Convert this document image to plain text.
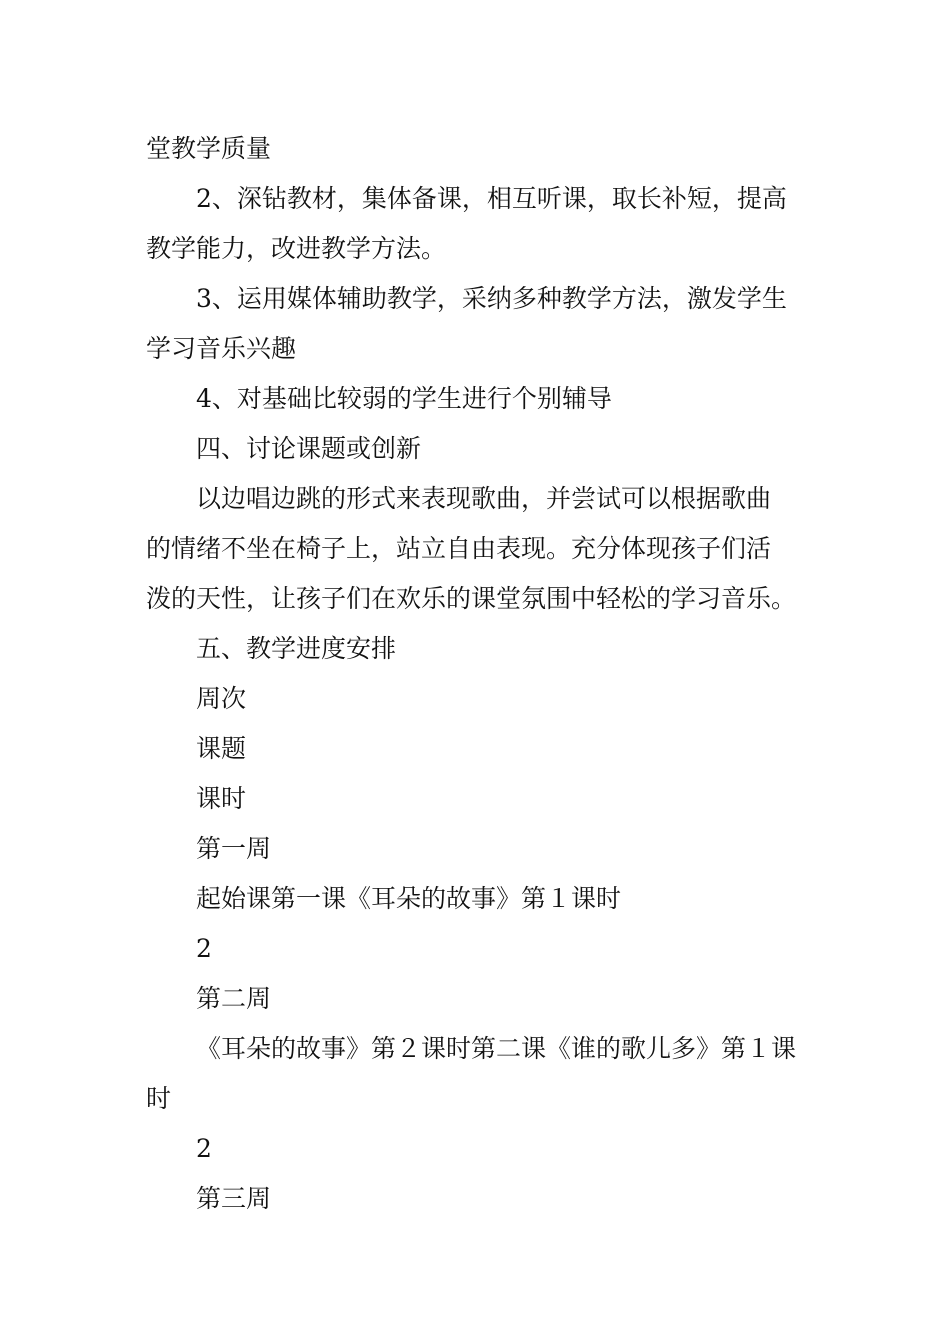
堂教学质量

2、深钻教材，集体备课，相互听课，取长补短，提高

教学能力，改进教学方法。

3、运用媒体辅助教学，采纳多种教学方法，激发学生

学习音乐兴趣

4、对基础比较弱的学生进行个别辅导

四、讨论课题或创新

以边唱边跳的形式来表现歌曲，并尝试可以根据歌曲

的情绪不坐在椅子上，站立自由表现。充分体现孩子们活

泼的天性，让孩子们在欢乐的课堂氛围中轻松的学习音乐。

五、教学进度安排

周次

课题

课时

第一周

起始课第一课《耳朵的故事》第１课时

2

第二周

《耳朵的故事》第２课时第二课《谁的歌儿多》第１课

时

2

第三周
